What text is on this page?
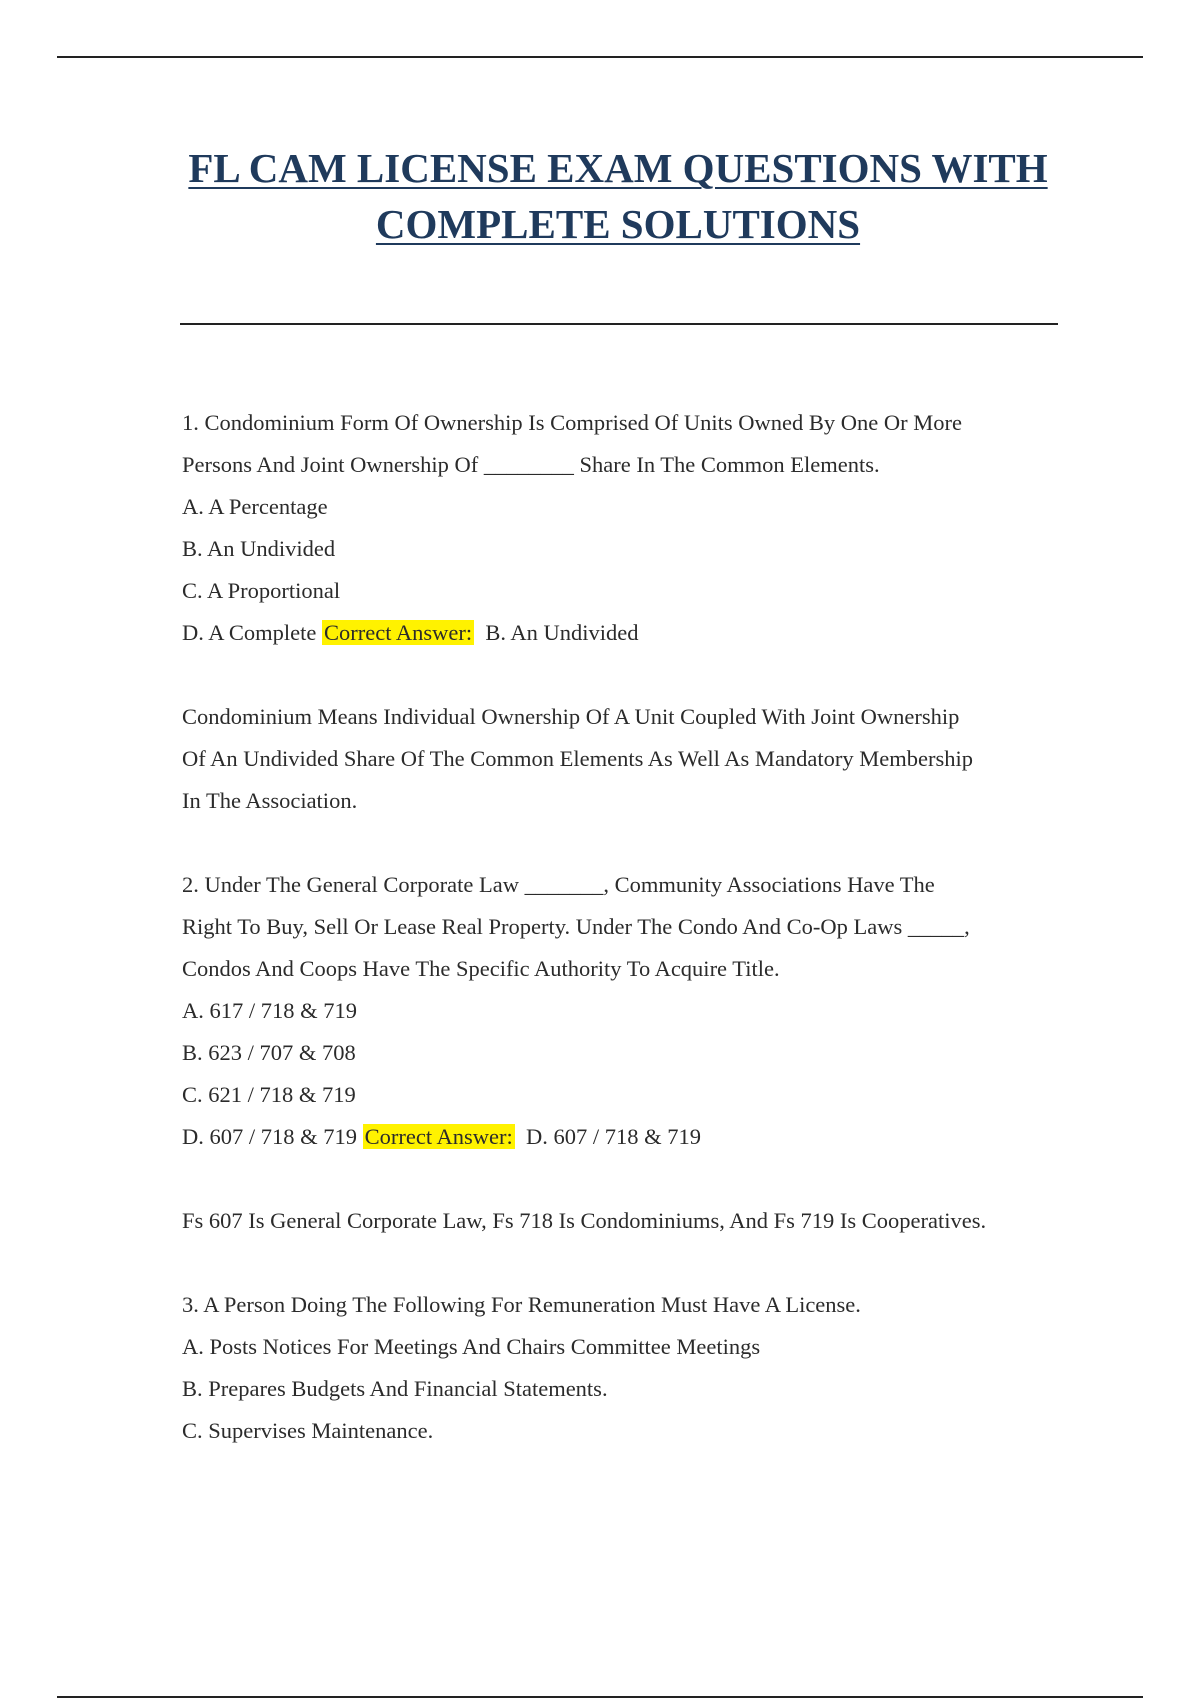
FL CAM LICENSE EXAM QUESTIONS WITH
COMPLETE SOLUTIONS

1. Condominium Form Of Ownership Is Comprised Of Units Owned By One Or More

Persons And Joint Ownership Of ________ Share In The Common Elements.

A. A Percentage

B. An Undivided

C. A Proportional

D. A Complete Correct Answer: B. An Undivided

Condominium Means Individual Ownership Of A Unit Coupled With Joint Ownership

Of An Undivided Share Of The Common Elements As Well As Mandatory Membership

In The Association.

2. Under The General Corporate Law _______, Community Associations Have The

Right To Buy, Sell Or Lease Real Property. Under The Condo And Co-Op Laws _____,

Condos And Coops Have The Specific Authority To Acquire Title.

A. 617 / 718 & 719

B. 623 / 707 & 708

C. 621 / 718 & 719

D. 607 / 718 & 719 Correct Answer: D. 607 / 718 & 719

Fs 607 Is General Corporate Law, Fs 718 Is Condominiums, And Fs 719 Is Cooperatives.

3. A Person Doing The Following For Remuneration Must Have A License.

A. Posts Notices For Meetings And Chairs Committee Meetings

B. Prepares Budgets And Financial Statements.

C. Supervises Maintenance.
